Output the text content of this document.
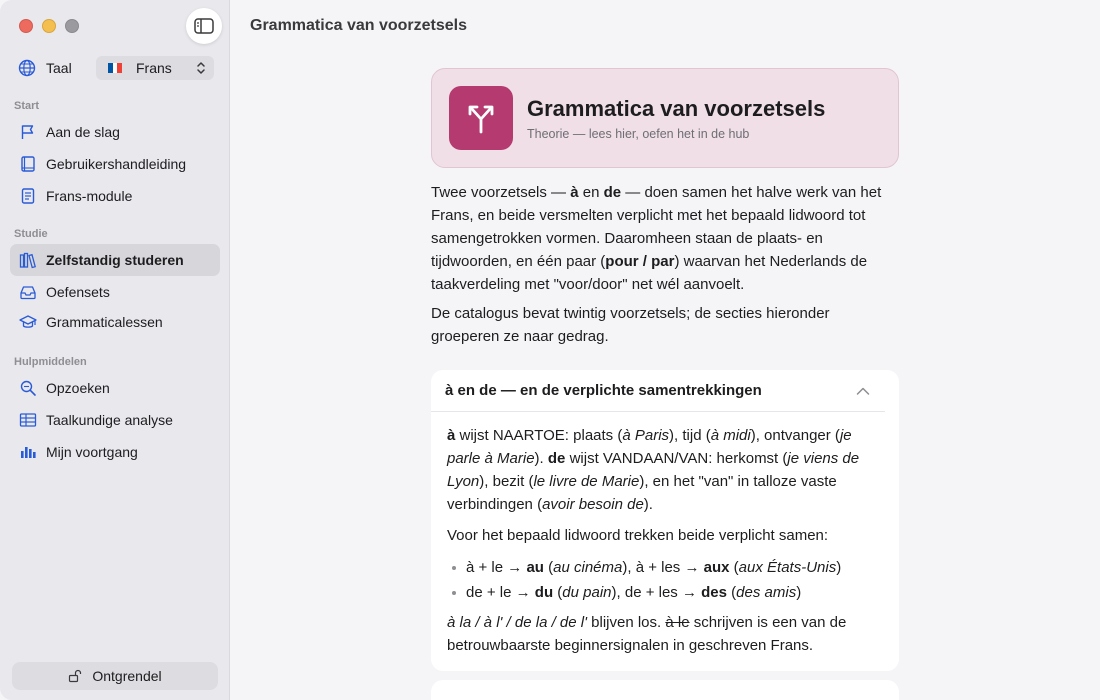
Taal	Frans
Start
Aan de slag
Gebruikershandleiding
Frans-module
Studie
Zelfstandig studeren
Oefensets
Grammaticalessen
Hulpmiddelen
Opzoeken
Taalkundige analyse
Mijn voortgang
Ontgrendel
Grammatica van voorzetsels
Grammatica van voorzetsels
Theorie — lees hier, oefen het in de hub

Twee voorzetsels — à en de — doen samen het halve werk van het Frans, en beide versmelten verplicht met het bepaald lidwoord tot samengetrokken vormen. Daaromheen staan de plaats- en tijdwoorden, en één paar (pour / par) waarvan het Nederlands de taakverdeling met "voor/door" net wél aanvoelt.

De catalogus bevat twintig voorzetsels; de secties hieronder groeperen ze naar gedrag.

à en de — en de verplichte samentrekkingen

à wijst NAARTOE: plaats (à Paris), tijd (à midi), ontvanger (je parle à Marie). de wijst VANDAAN/VAN: herkomst (je viens de Lyon), bezit (le livre de Marie), en het "van" in talloze vaste verbindingen (avoir besoin de).

Voor het bepaald lidwoord trekken beide verplicht samen:

à + le → au (au cinéma), à + les → aux (aux États-Unis)
de + le → du (du pain), de + les → des (des amis)

à la / à l' / de la / de l' blijven los. à le schrijven is een van de betrouwbaarste beginnersignalen in geschreven Frans.
